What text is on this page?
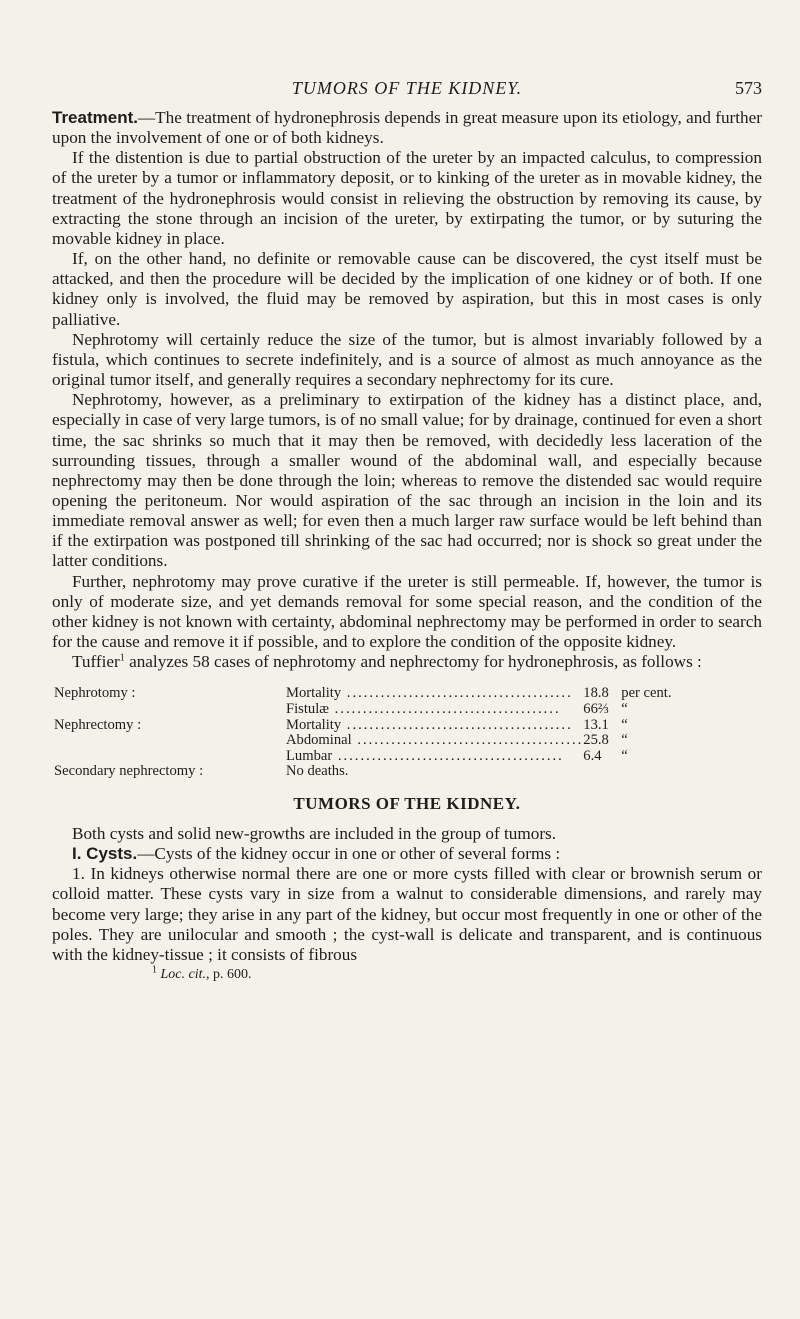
TUMORS OF THE KIDNEY.	573

Treatment.—The treatment of hydronephrosis depends in great measure upon its etiology, and further upon the involvement of one or of both kidneys.

If the distention is due to partial obstruction of the ureter by an impacted calculus, to compression of the ureter by a tumor or inflammatory deposit, or to kinking of the ureter as in movable kidney, the treatment of the hydronephrosis would consist in relieving the obstruction by removing its cause, by extracting the stone through an incision of the ureter, by extirpating the tumor, or by suturing the movable kidney in place.

If, on the other hand, no definite or removable cause can be discovered, the cyst itself must be attacked, and then the procedure will be decided by the implication of one kidney or of both. If one kidney only is involved, the fluid may be removed by aspiration, but this in most cases is only palliative.

Nephrotomy will certainly reduce the size of the tumor, but is almost invariably followed by a fistula, which continues to secrete indefinitely, and is a source of almost as much annoyance as the original tumor itself, and generally requires a secondary nephrectomy for its cure.

Nephrotomy, however, as a preliminary to extirpation of the kidney has a distinct place, and, especially in case of very large tumors, is of no small value; for by drainage, continued for even a short time, the sac shrinks so much that it may then be removed, with decidedly less laceration of the surrounding tissues, through a smaller wound of the abdominal wall, and especially because nephrectomy may then be done through the loin; whereas to remove the distended sac would require opening the peritoneum. Nor would aspiration of the sac through an incision in the loin and its immediate removal answer as well; for even then a much larger raw surface would be left behind than if the extirpation was postponed till shrinking of the sac had occurred; nor is shock so great under the latter conditions.

Further, nephrotomy may prove curative if the ureter is still permeable. If, however, the tumor is only of moderate size, and yet demands removal for some special reason, and the condition of the other kidney is not known with certainty, abdominal nephrectomy may be performed in order to search for the cause and remove it if possible, and to explore the condition of the opposite kidney.

Tuffier$^1$ analyzes 58 cases of nephrotomy and nephrectomy for hydronephrosis, as follows :

Nephrotomy :	Mortality ........................................	18.8	per cent.
	Fistulæ ........................................	66⅔	“
Nephrectomy :	Mortality ........................................	13.1	“
	Abdominal ........................................	25.8	“
	Lumbar ........................................	6.4	“
Secondary nephrectomy :	No deaths.		
TUMORS OF THE KIDNEY.

Both cysts and solid new-growths are included in the group of tumors.

I. Cysts.—Cysts of the kidney occur in one or other of several forms :

1. In kidneys otherwise normal there are one or more cysts filled with clear or brownish serum or colloid matter. These cysts vary in size from a walnut to considerable dimensions, and rarely may become very large; they arise in any part of the kidney, but occur most frequently in one or other of the poles. They are unilocular and smooth ; the cyst-wall is delicate and transparent, and is continuous with the kidney-tissue ; it consists of fibrous

$^1$ Loc. cit., p. 600.
